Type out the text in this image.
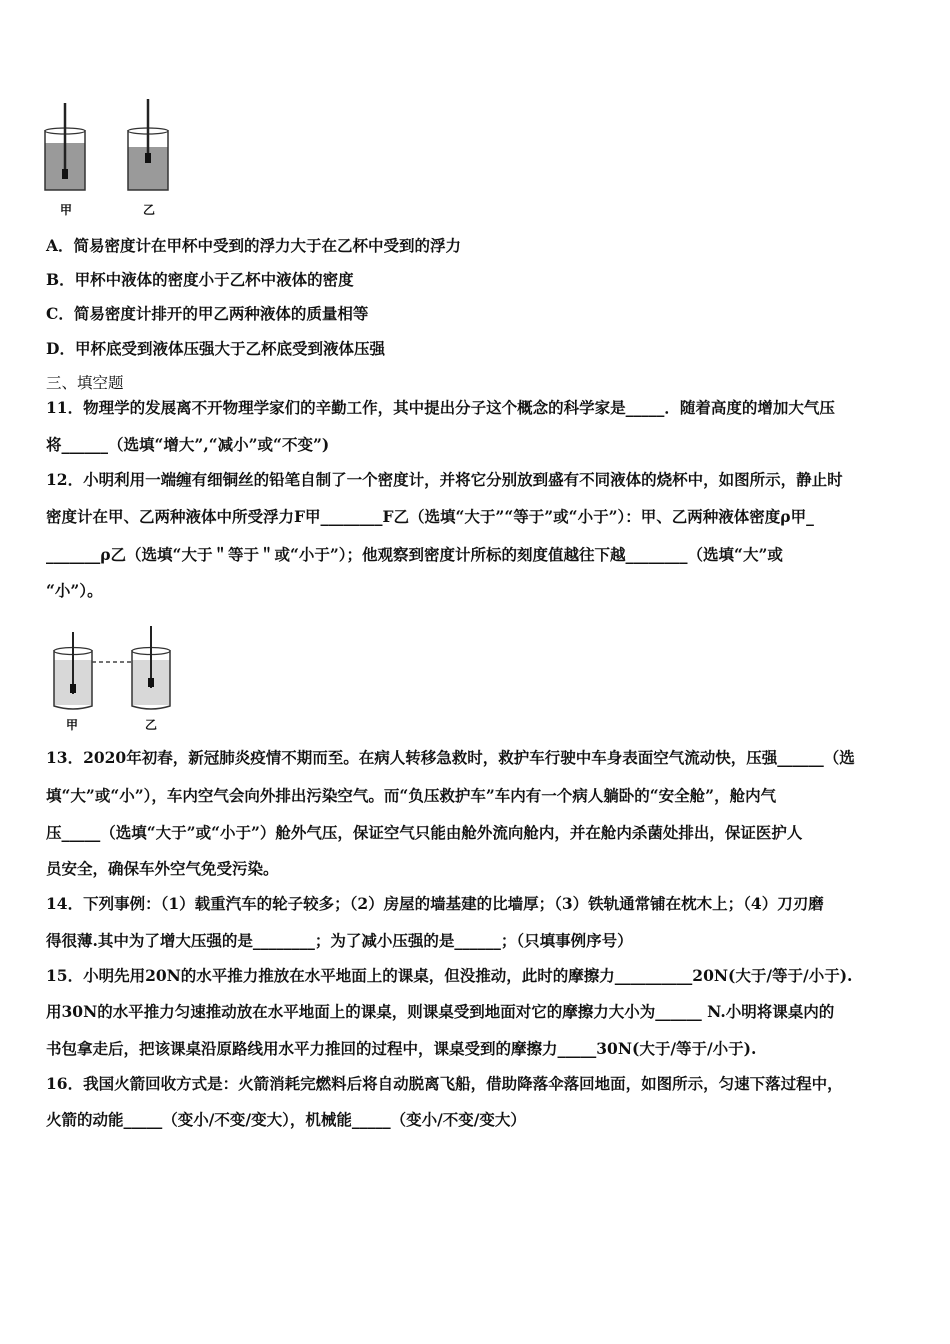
甲	乙
A．简易密度计在甲杯中受到的浮力大于在乙杯中受到的浮力
B．甲杯中液体的密度小于乙杯中液体的密度
C．简易密度计排开的甲乙两种液体的质量相等
D．甲杯底受到液体压强大于乙杯底受到液体压强
三、填空题
11．物理学的发展离不开物理学家们的辛勤工作，其中提出分子这个概念的科学家是_____．随着高度的增加大气压
将______（选填“增大”,“减小”或“不变”)
12．小明利用一端缠有细铜丝的铅笔自制了一个密度计，并将它分别放到盛有不同液体的烧杯中，如图所示，静止时
密度计在甲、乙两种液体中所受浮力F甲________F乙（选填“大于”“等于”或“小于”）：甲、乙两种液体密度ρ甲_
_______ρ乙（选填“大于＂等于＂或“小于”）；他观察到密度计所标的刻度值越往下越________（选填“大”或
“小”）。
甲	乙
13．2020年初春，新冠肺炎疫情不期而至。在病人转移急救时，救护车行驶中车身表面空气流动快，压强______（选
填“大”或“小”），车内空气会向外排出污染空气。而“负压救护车”车内有一个病人躺卧的“安全舱”，舱内气
压_____（选填“大于”或“小于”）舱外气压，保证空气只能由舱外流向舱内，并在舱内杀菌处排出，保证医护人
员安全，确保车外空气免受污染。
14．下列事例：（1）载重汽车的轮子较多；（2）房屋的墙基建的比墙厚；（3）铁轨通常铺在枕木上；（4）刀刃磨
得很薄.其中为了增大压强的是________；为了减小压强的是______；（只填事例序号）
15．小明先用20N的水平推力推放在水平地面上的课桌，但没推动，此时的摩擦力__________20N(大于/等于/小于).
用30N的水平推力匀速推动放在水平地面上的课桌，则课桌受到地面对它的摩擦力大小为______ N.小明将课桌内的
书包拿走后，把该课桌沿原路线用水平力推回的过程中，课桌受到的摩擦力_____30N(大于/等于/小于).
16．我国火箭回收方式是：火箭消耗完燃料后将自动脱离飞船，借助降落伞落回地面，如图所示，匀速下落过程中，
火箭的动能_____（变小/不变/变大），机械能_____（变小/不变/变大）
